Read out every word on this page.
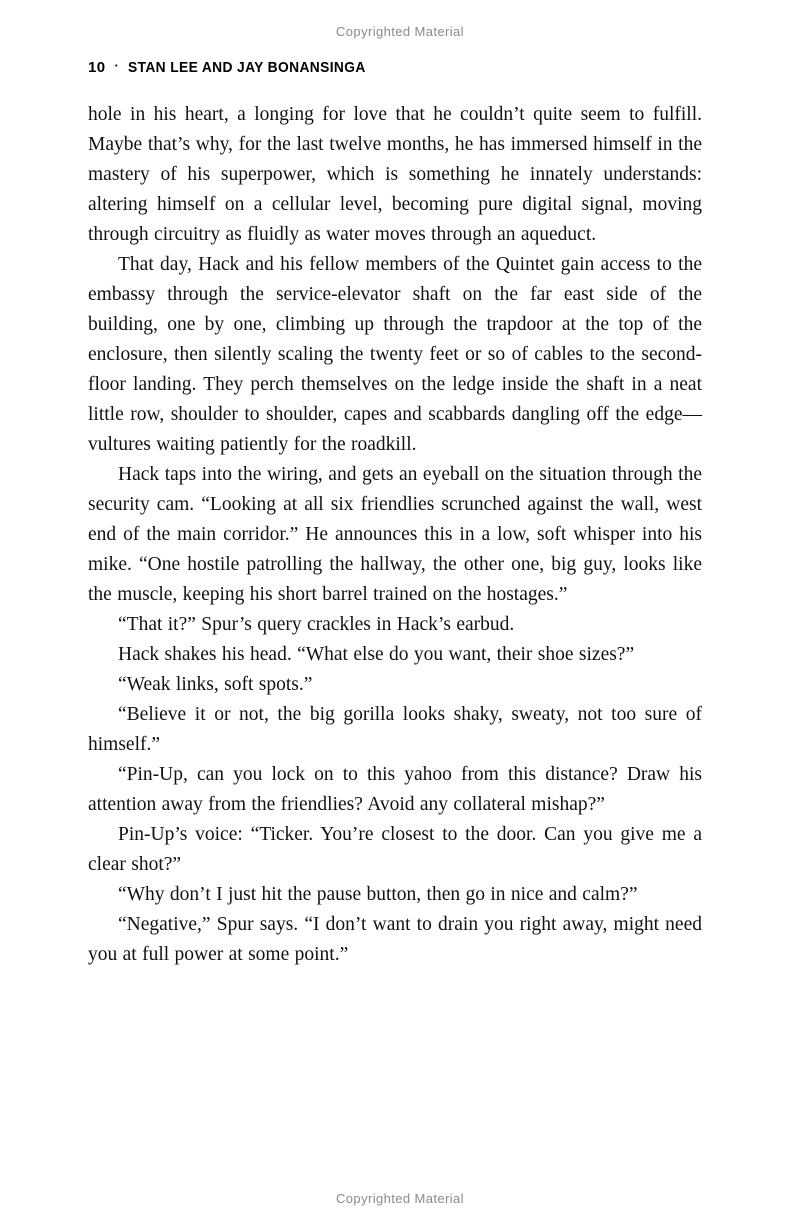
Copyrighted Material
10 · STAN LEE AND JAY BONANSINGA

hole in his heart, a longing for love that he couldn’t quite seem to fulfill. Maybe that’s why, for the last twelve months, he has immersed himself in the mastery of his superpower, which is something he innately understands: altering himself on a cellular level, becoming pure digital signal, moving through circuitry as fluidly as water moves through an aqueduct.

That day, Hack and his fellow members of the Quintet gain access to the embassy through the service-elevator shaft on the far east side of the building, one by one, climbing up through the trapdoor at the top of the enclosure, then silently scaling the twenty feet or so of cables to the second-floor landing. They perch themselves on the ledge inside the shaft in a neat little row, shoulder to shoulder, capes and scabbards dangling off the edge—vultures waiting patiently for the roadkill.

Hack taps into the wiring, and gets an eyeball on the situation through the security cam. “Looking at all six friendlies scrunched against the wall, west end of the main corridor.” He announces this in a low, soft whisper into his mike. “One hostile patrolling the hallway, the other one, big guy, looks like the muscle, keeping his short barrel trained on the hostages.”

“That it?” Spur’s query crackles in Hack’s earbud.

Hack shakes his head. “What else do you want, their shoe sizes?”

“Weak links, soft spots.”

“Believe it or not, the big gorilla looks shaky, sweaty, not too sure of himself.”

“Pin-Up, can you lock on to this yahoo from this distance? Draw his attention away from the friendlies? Avoid any collateral mishap?”

Pin-Up’s voice: “Ticker. You’re closest to the door. Can you give me a clear shot?”

“Why don’t I just hit the pause button, then go in nice and calm?”

“Negative,” Spur says. “I don’t want to drain you right away, might need you at full power at some point.”

Copyrighted Material
